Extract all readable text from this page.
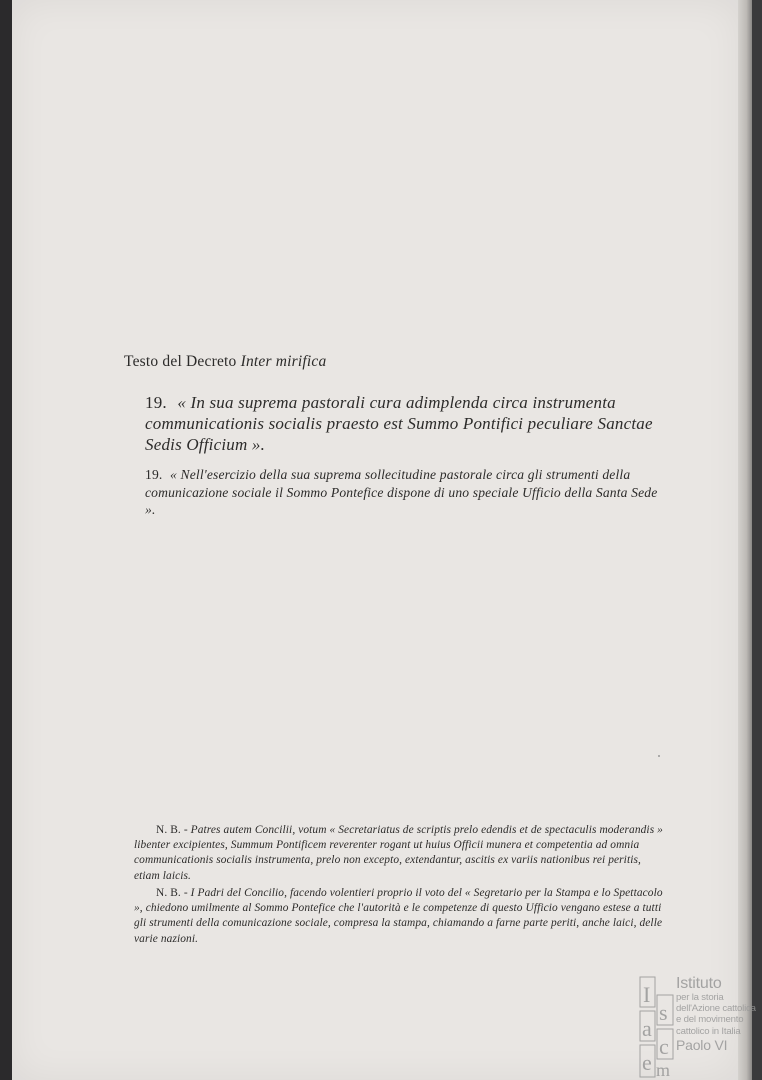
Testo del Decreto Inter mirifica
19. « In sua suprema pastorali cura adimplenda circa instrumenta communicationis socialis praesto est Summo Pontifici peculiare Sanctae Sedis Officium ».
19. « Nell'esercizio della sua suprema sollecitudine pastorale circa gli strumenti della comunicazione sociale il Sommo Pontefice dispone di uno speciale Ufficio della Santa Sede ».
N. B. - Patres autem Concilii, votum « Secretariatus de scriptis prelo edendis et de spectaculis moderandis » libenter excipientes, Summum Pontificem reverenter rogant ut huius Officii munera et competentia ad omnia communicationis socialis instrumenta, prelo non excepto, extendantur, ascitis ex variis nationibus rei peritis, etiam laicis.
N. B. - I Padri del Concilio, facendo volentieri proprio il voto del « Segretario per la Stampa e lo Spettacolo », chiedono umilmente al Sommo Pontefice che l'autorità e le competenze di questo Ufficio vengano estese a tutti gli strumenti della comunicazione sociale, compresa la stampa, chiamando a farne parte periti, anche laici, delle varie nazioni.
I
s
a
c
e m
Istituto
per la storia
dell'Azione cattolica
e del movimento
cattolico in Italia
Paolo VI
